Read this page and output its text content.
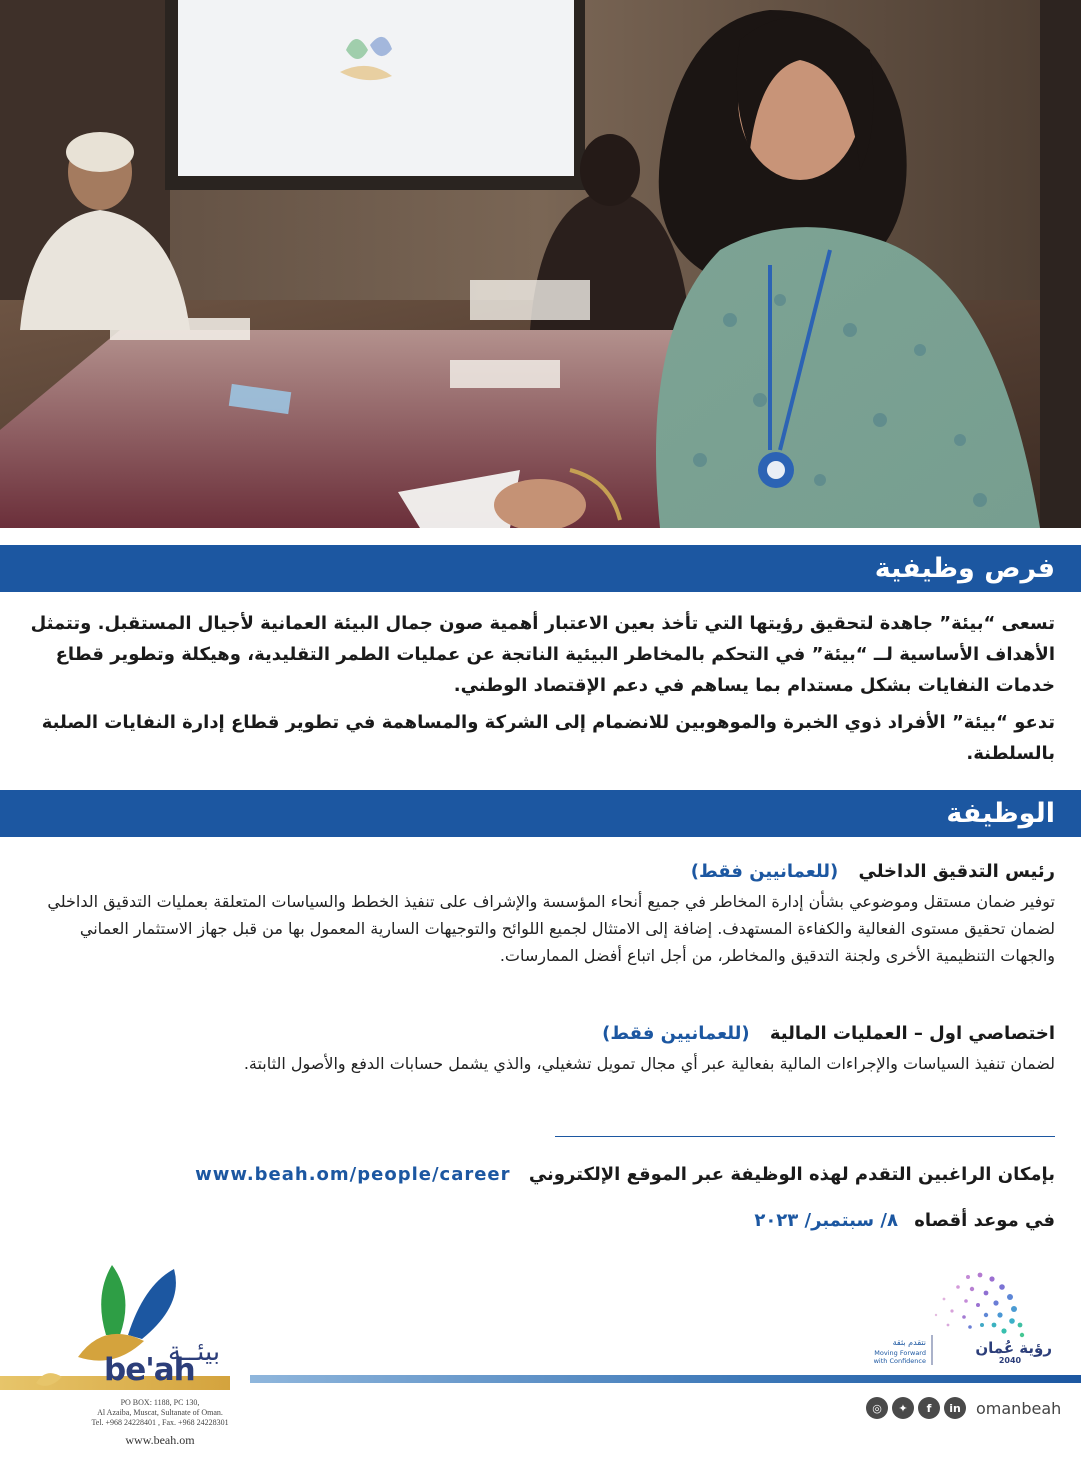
فرص وظيفية

تسعى “بيئة” جاهدة لتحقيق رؤيتها التي تأخذ بعين الاعتبار أهمية صون جمال البيئة العمانية لأجيال المستقبل. وتتمثل الأهداف الأساسية لــ “بيئة” في التحكم بالمخاطر البيئية الناتجة عن عمليات الطمر التقليدية، وهيكلة وتطوير قطاع خدمات النفايات بشكل مستدام بما يساهم في دعم الإقتصاد الوطني.

تدعو “بيئة” الأفراد ذوي الخبرة والموهوبين للانضمام إلى الشركة والمساهمة في تطوير قطاع إدارة النفايات الصلبة بالسلطنة.

الوظيفة
رئيس التدقيق الداخلي (للعمانيين فقط)
توفير ضمان مستقل وموضوعي بشأن إدارة المخاطر في جميع أنحاء المؤسسة والإشراف على تنفيذ الخطط والسياسات المتعلقة بعمليات التدقيق الداخلي لضمان تحقيق مستوى الفعالية والكفاءة المستهدف. إضافة إلى الامتثال لجميع اللوائح والتوجيهات السارية المعمول بها من قبل جهاز الاستثمار العماني والجهات التنظيمية الأخرى ولجنة التدقيق والمخاطر، من أجل اتباع أفضل الممارسات.
اختصاصي اول – العمليات المالية (للعمانيين فقط)
لضمان تنفيذ السياسات والإجراءات المالية بفعالية عبر أي مجال تمويل تشغيلي، والذي يشمل حسابات الدفع والأصول الثابتة.
بإمكان الراغبين التقدم لهذه الوظيفة عبر الموقع الإلكتروني www.beah.om/people/career
في موعد أقصاه ٨/ سبتمبر/ ٢٠٢٣
بيئــة
be'ah
PO BOX: 1188, PC 130,
Al Azaiba, Muscat, Sultanate of Oman.
Tel. +968 24228401 , Fax. +968 24228301
www.beah.om
رؤية عُمان
2040
نتقدم بثقة
Moving Forward
with Confidence
◎	✦	f	in omanbeah
